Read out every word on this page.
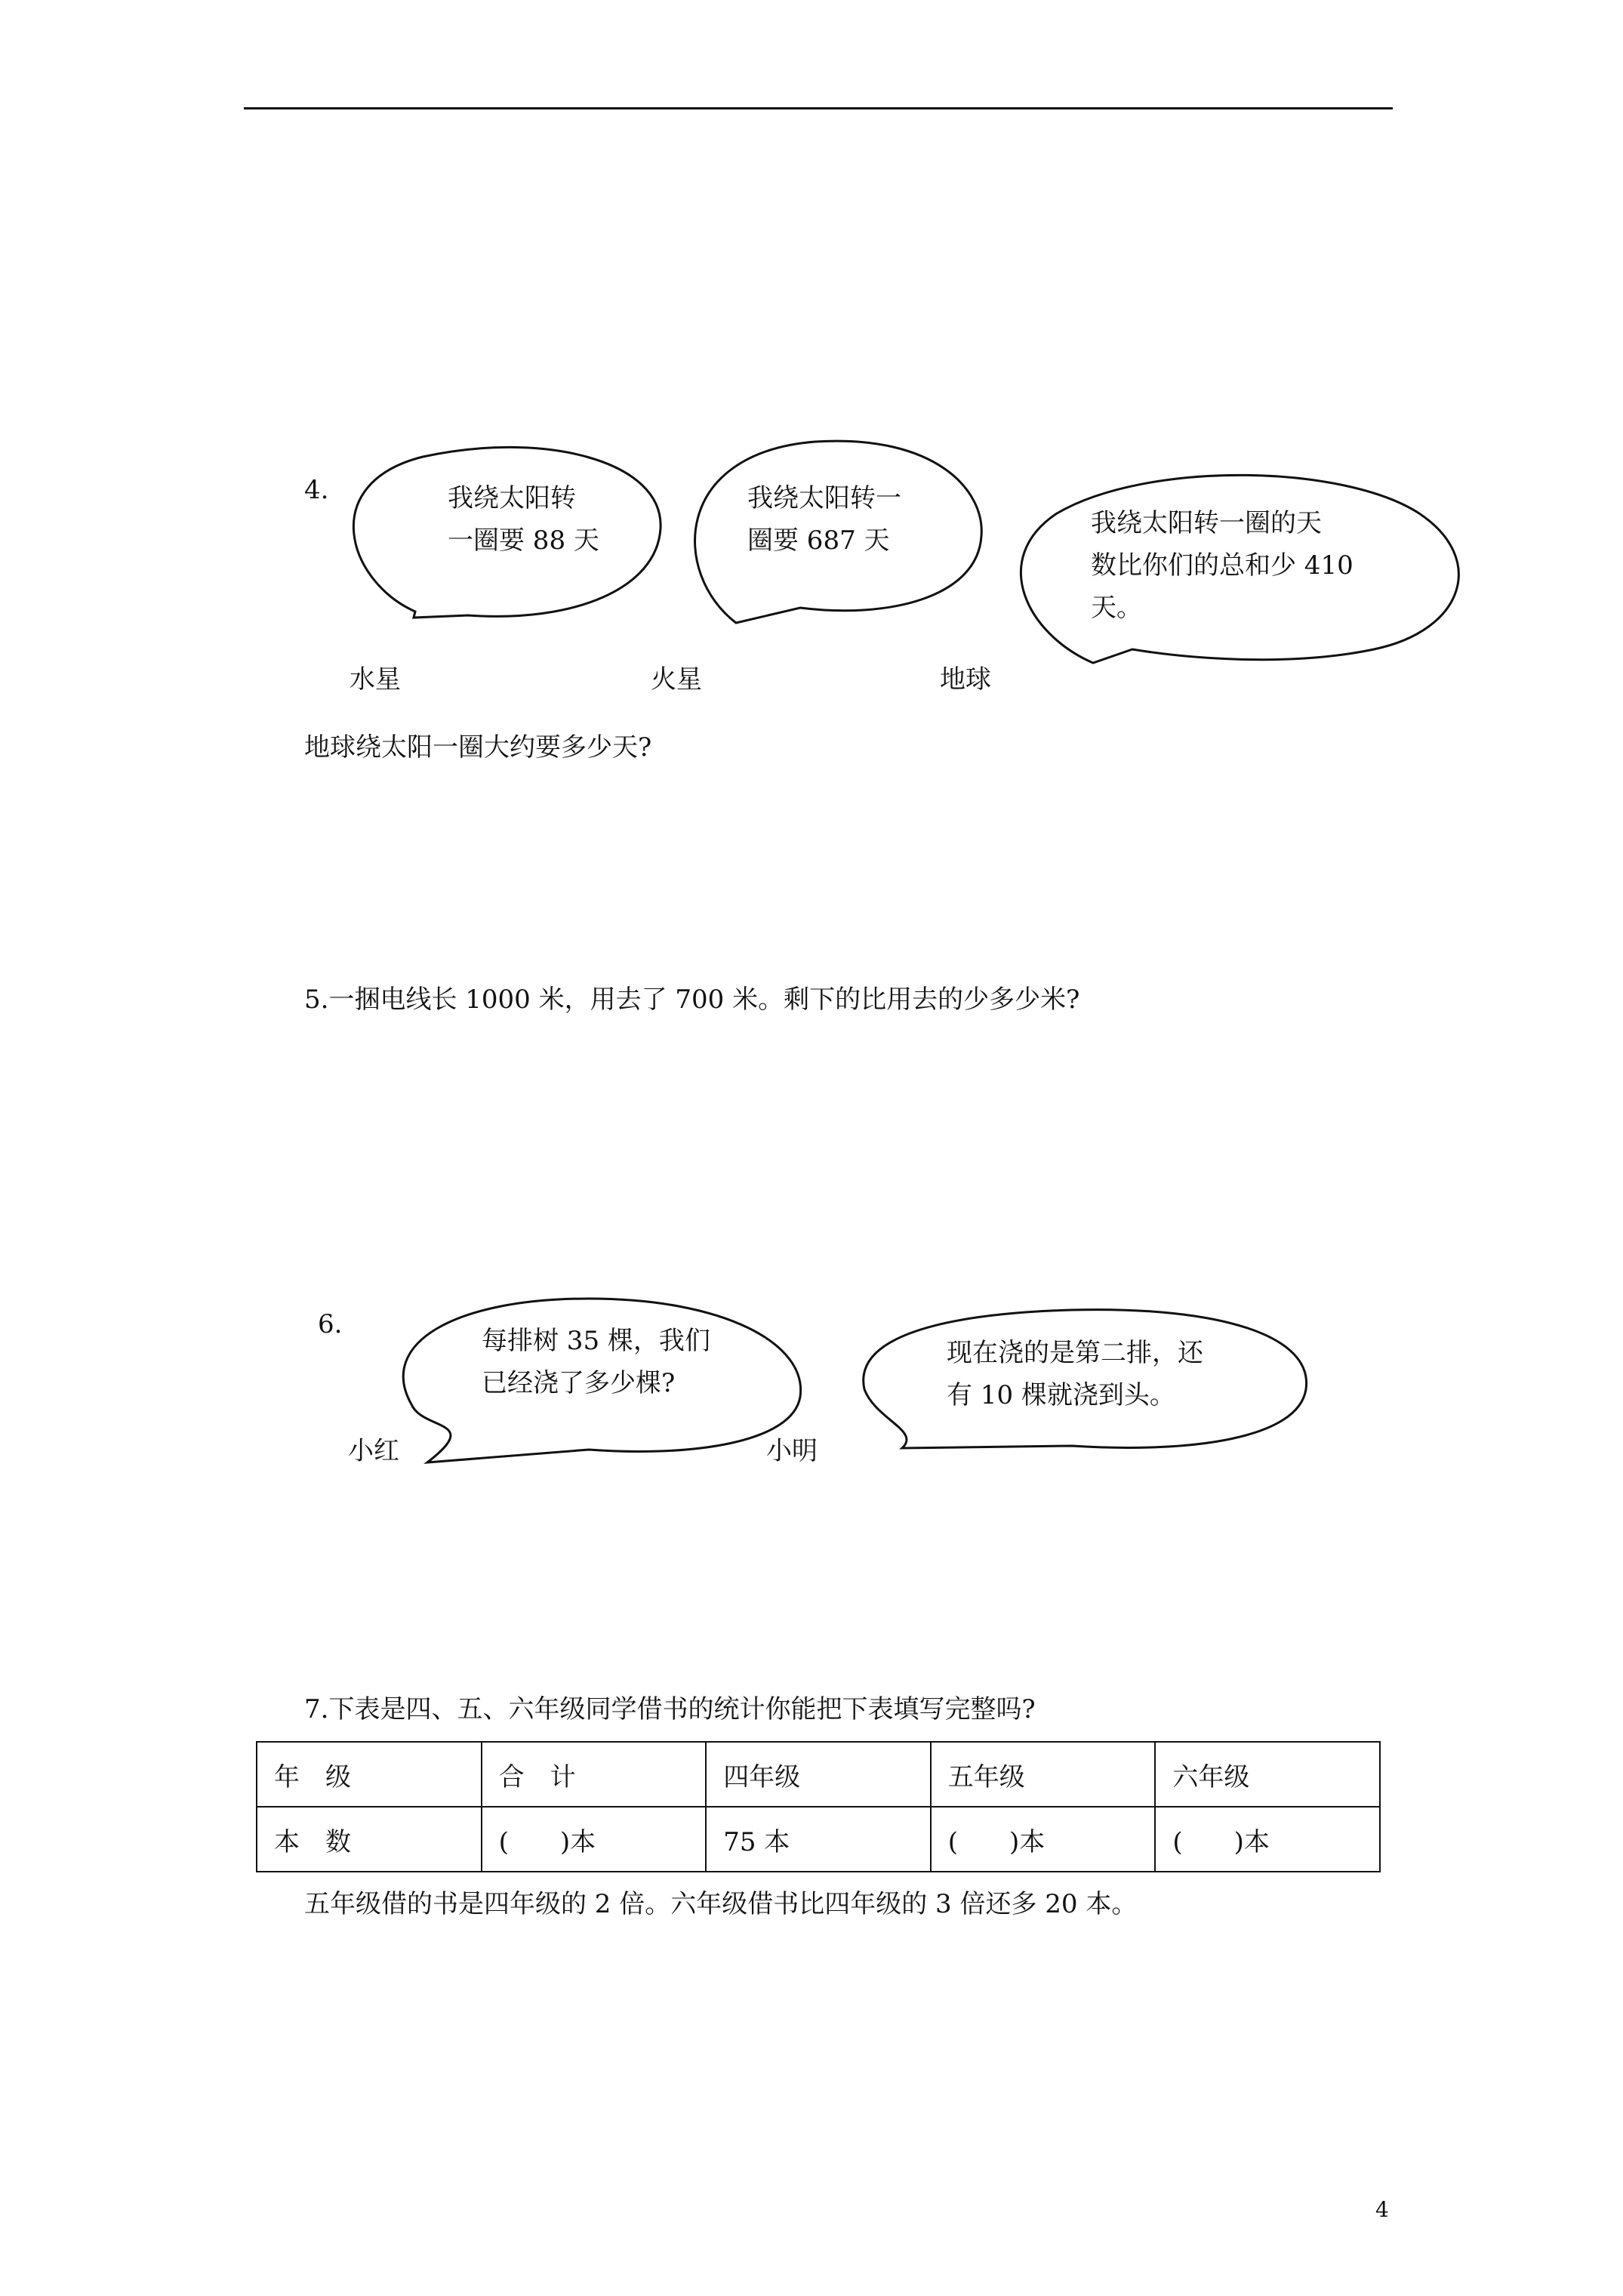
4.	我绕太阳转
一圈要 88 天
我绕太阳转一
圈要 687 天
我绕太阳转一圈的天
数比你们的总和少 410
天。
水星	火星	地球
地球绕太阳一圈大约要多少天?
5.一捆电线长 1000 米，用去了 700 米。剩下的比用去的少多少米?
6.
每排树 35 棵，我们
已经浇了多少棵?
现在浇的是第二排，还
有 10 棵就浇到头。
小红	小明
7.下表是四、五、六年级同学借书的统计你能把下表填写完整吗?
年　级	合　计	四年级	五年级	六年级
本　数	(　　)本	75 本	(　　)本	(　　)本
五年级借的书是四年级的 2 倍。六年级借书比四年级的 3 倍还多 20 本。
4
